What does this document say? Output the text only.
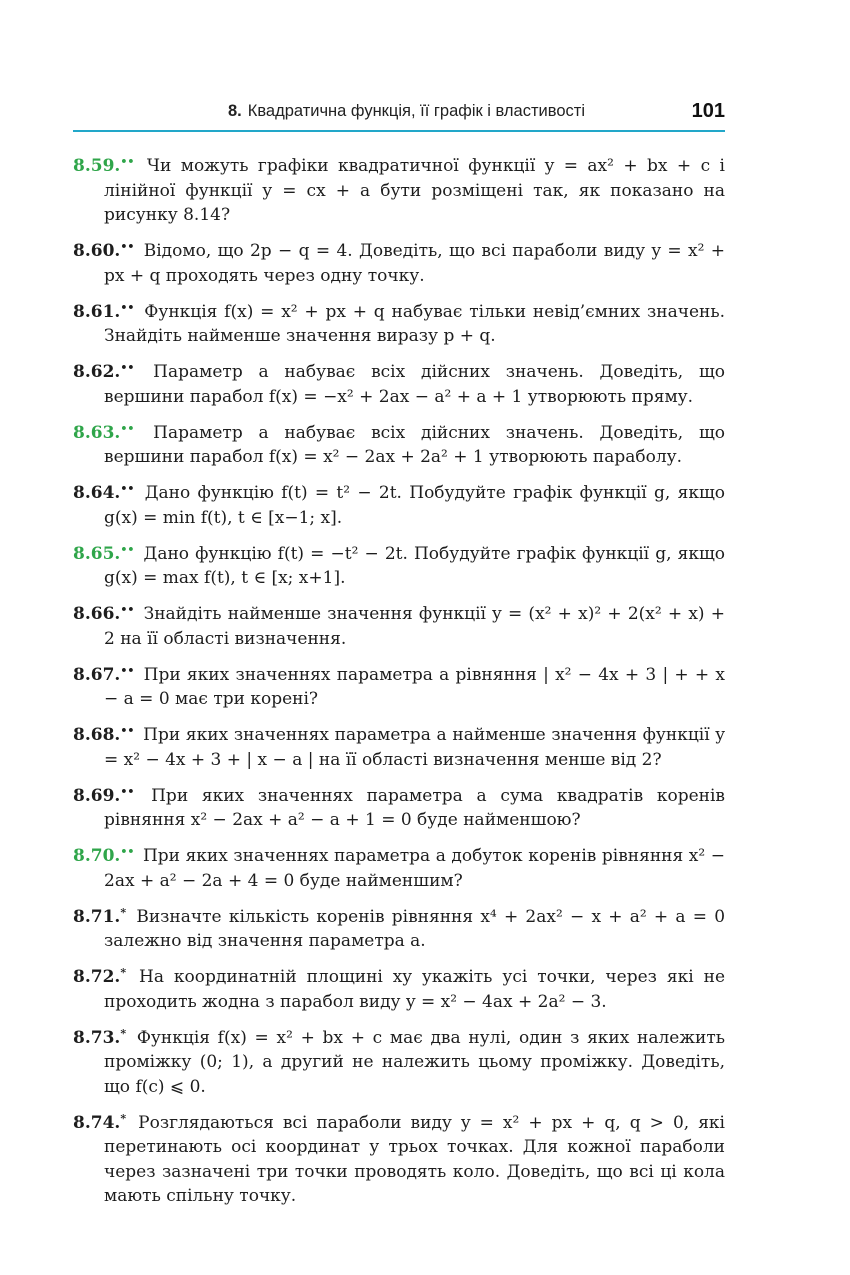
8. Квадратична функція, її графік і властивості	101

8.59.•• Чи можуть графіки квадратичної функції y = ax² + bx + c і лінійної функції y = cx + a бути розміщені так, як показано на рисунку 8.14?

8.60.•• Відомо, що 2p − q = 4. Доведіть, що всі параболи виду y = x² + px + q проходять через одну точку.

8.61.•• Функція f(x) = x² + px + q набуває тільки невід’ємних значень. Знайдіть найменше значення виразу p + q.

8.62.•• Параметр a набуває всіх дійсних значень. Доведіть, що вершини парабол f(x) = −x² + 2ax − a² + a + 1 утворюють пряму.

8.63.•• Параметр a набуває всіх дійсних значень. Доведіть, що вершини парабол f(x) = x² − 2ax + 2a² + 1 утворюють параболу.

8.64.•• Дано функцію f(t) = t² − 2t. Побудуйте графік функції g, якщо g(x) = min f(t), t ∈ [x−1; x].

8.65.•• Дано функцію f(t) = −t² − 2t. Побудуйте графік функції g, якщо g(x) = max f(t), t ∈ [x; x+1].

8.66.•• Знайдіть найменше значення функції y = (x² + x)² + 2(x² + x) + 2 на її області визначення.

8.67.•• При яких значеннях параметра a рівняння | x² − 4x + 3 | + + x − a = 0 має три корені?

8.68.•• При яких значеннях параметра a найменше значення функції y = x² − 4x + 3 + | x − a | на її області визначення менше від 2?

8.69.•• При яких значеннях параметра a сума квадратів коренів рівняння x² − 2ax + a² − a + 1 = 0 буде найменшою?

8.70.•• При яких значеннях параметра a добуток коренів рівняння x² − 2ax + a² − 2a + 4 = 0 буде найменшим?

8.71.* Визначте кількість коренів рівняння x⁴ + 2ax² − x + a² + a = 0 залежно від значення параметра a.

8.72.* На координатній площині xy укажіть усі точки, через які не проходить жодна з парабол виду y = x² − 4ax + 2a² − 3.

8.73.* Функція f(x) = x² + bx + c має два нулі, один з яких належить проміжку (0; 1), а другий не належить цьому проміжку. Доведіть, що f(c) ⩽ 0.

8.74.* Розглядаються всі параболи виду y = x² + px + q, q > 0, які перетинають осі координат у трьох точках. Для кожної параболи через зазначені три точки проводять коло. Доведіть, що всі ці кола мають спільну точку.
